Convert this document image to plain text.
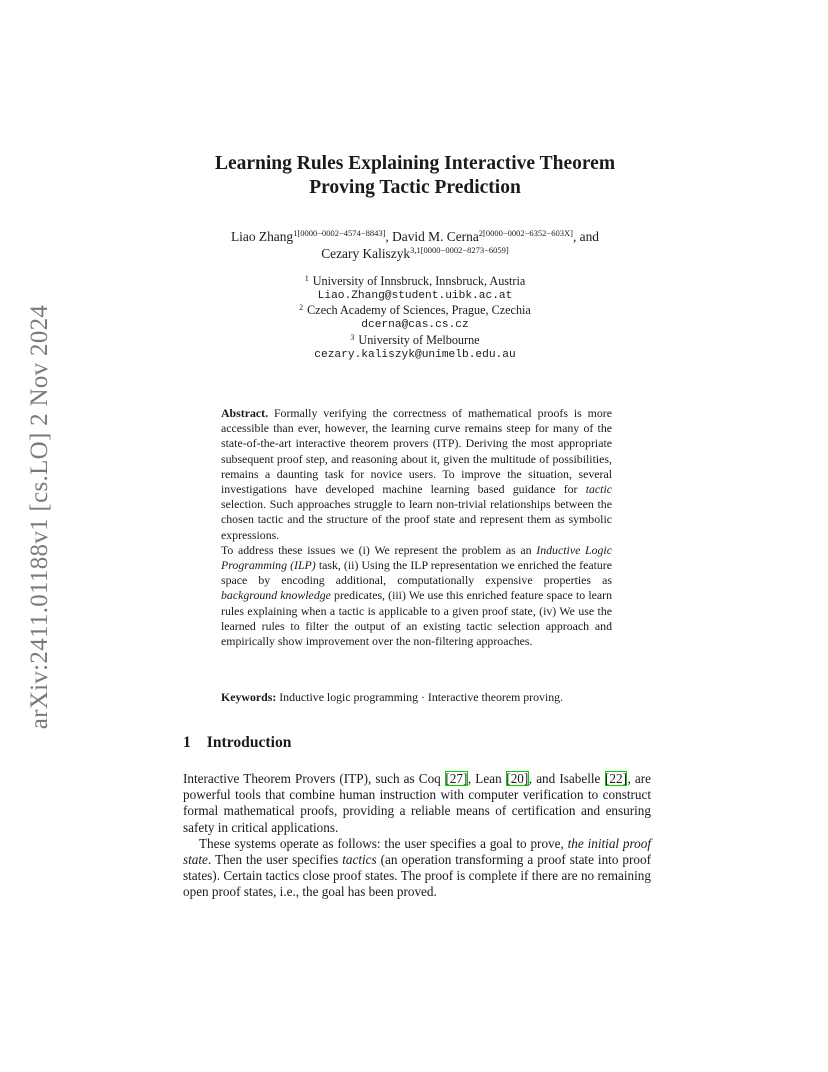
arXiv:2411.01188v1 [cs.LO] 2 Nov 2024
Learning Rules Explaining Interactive Theorem
Proving Tactic Prediction
Liao Zhang$^{1[0000-0002-4574-8843]}$, David M. Cerna$^{2[0000-0002-6352-603X]}$, and
Cezary Kaliszyk$^{3,1[0000-0002-8273-6059]}$
$^1$ University of Innsbruck, Innsbruck, Austria
Liao.Zhang@student.uibk.ac.at
$^2$ Czech Academy of Sciences, Prague, Czechia
dcerna@cas.cs.cz
$^3$ University of Melbourne
cezary.kaliszyk@unimelb.edu.au

Abstract. Formally verifying the correctness of mathematical proofs is more accessible than ever, however, the learning curve remains steep for many of the state-of-the-art interactive theorem provers (ITP). Deriving the most appropriate subsequent proof step, and reasoning about it, given the multitude of possibilities, remains a daunting task for novice users. To improve the situation, several investigations have developed machine learning based guidance for tactic selection. Such approaches struggle to learn non-trivial relationships between the chosen tactic and the structure of the proof state and represent them as symbolic expressions.

To address these issues we (i) We represent the problem as an Inductive Logic Programming (ILP) task, (ii) Using the ILP representation we enriched the feature space by encoding additional, computationally expensive properties as background knowledge predicates, (iii) We use this enriched feature space to learn rules explaining when a tactic is applicable to a given proof state, (iv) We use the learned rules to filter the output of an existing tactic selection approach and empirically show improvement over the non-filtering approaches.

Keywords: Inductive logic programming · Interactive theorem proving.
1 Introduction

Interactive Theorem Provers (ITP), such as Coq [27], Lean [20], and Isabelle [22], are powerful tools that combine human instruction with computer verification to construct formal mathematical proofs, providing a reliable means of certification and ensuring safety in critical applications.

These systems operate as follows: the user specifies a goal to prove, the initial proof state. Then the user specifies tactics (an operation transforming a proof state into proof states). Certain tactics close proof states. The proof is complete if there are no remaining open proof states, i.e., the goal has been proved.
